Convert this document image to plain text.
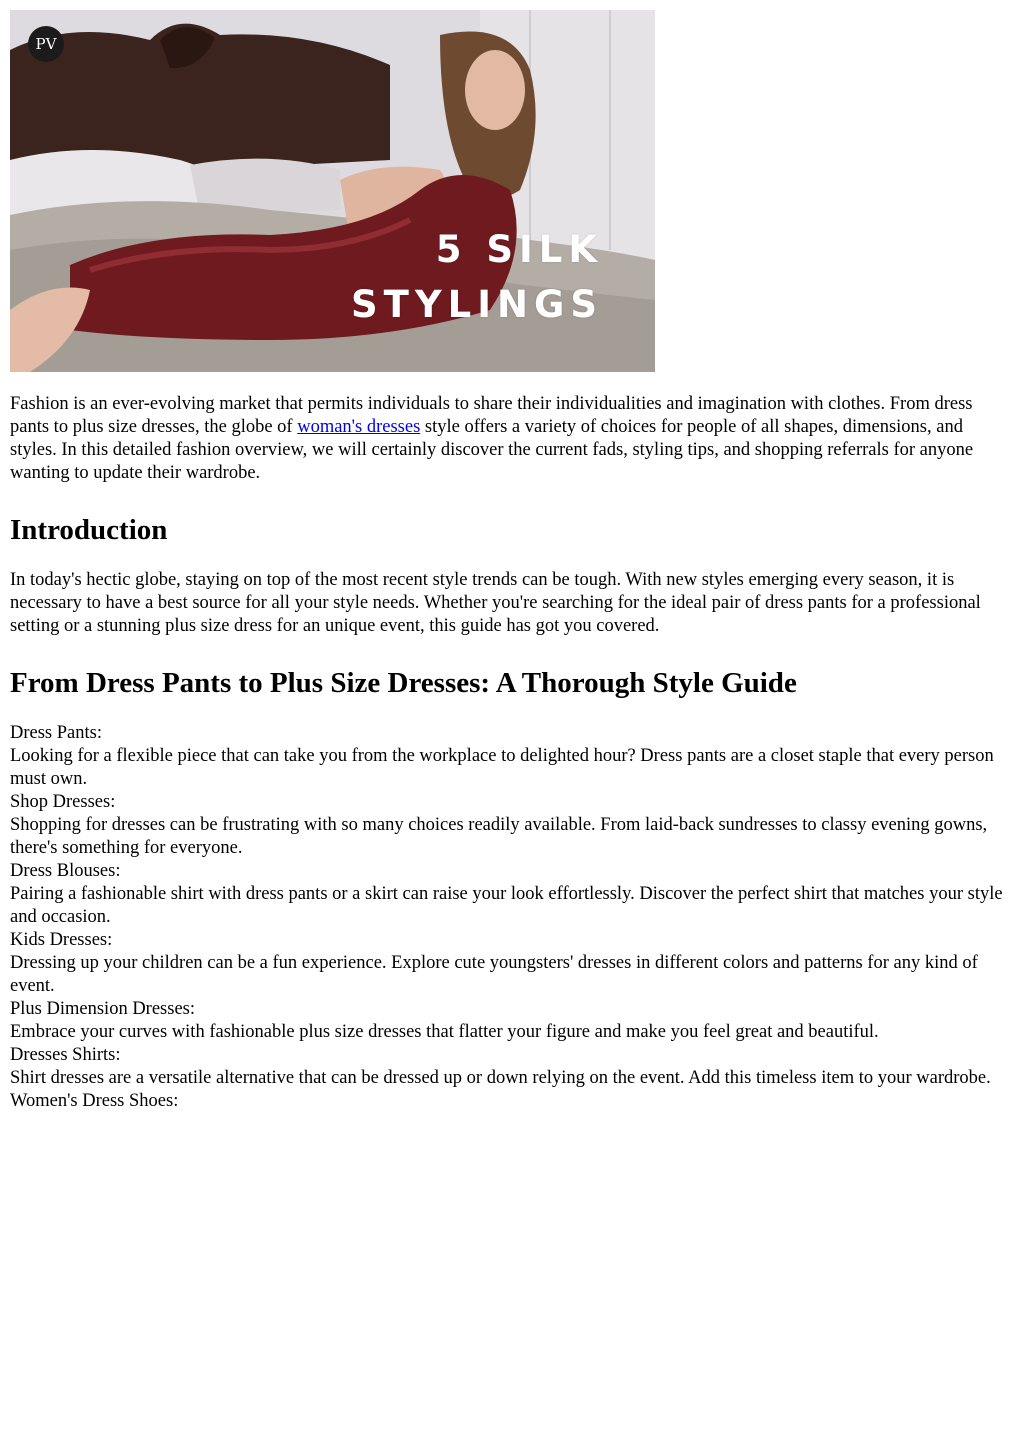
PV
5 SILK
STYLINGS

Fashion is an ever-evolving market that permits individuals to share their individualities and imagination with clothes. From dress pants to plus size dresses, the globe of woman's dresses style offers a variety of choices for people of all shapes, dimensions, and styles. In this detailed fashion overview, we will certainly discover the current fads, styling tips, and shopping referrals for anyone wanting to update their wardrobe.

Introduction

In today's hectic globe, staying on top of the most recent style trends can be tough. With new styles emerging every season, it is necessary to have a best source for all your style needs. Whether you're searching for the ideal pair of dress pants for a professional setting or a stunning plus size dress for an unique event, this guide has got you covered.

From Dress Pants to Plus Size Dresses: A Thorough Style Guide

Dress Pants:

Looking for a flexible piece that can take you from the workplace to delighted hour? Dress pants are a closet staple that every person must own.

Shop Dresses:

Shopping for dresses can be frustrating with so many choices readily available. From laid-back sundresses to classy evening gowns, there's something for everyone.

Dress Blouses:

Pairing a fashionable shirt with dress pants or a skirt can raise your look effortlessly. Discover the perfect shirt that matches your style and occasion.

Kids Dresses:

Dressing up your children can be a fun experience. Explore cute youngsters' dresses in different colors and patterns for any kind of event.

Plus Dimension Dresses:

Embrace your curves with fashionable plus size dresses that flatter your figure and make you feel great and beautiful.

Dresses Shirts:

Shirt dresses are a versatile alternative that can be dressed up or down relying on the event. Add this timeless item to your wardrobe.

Women's Dress Shoes:
